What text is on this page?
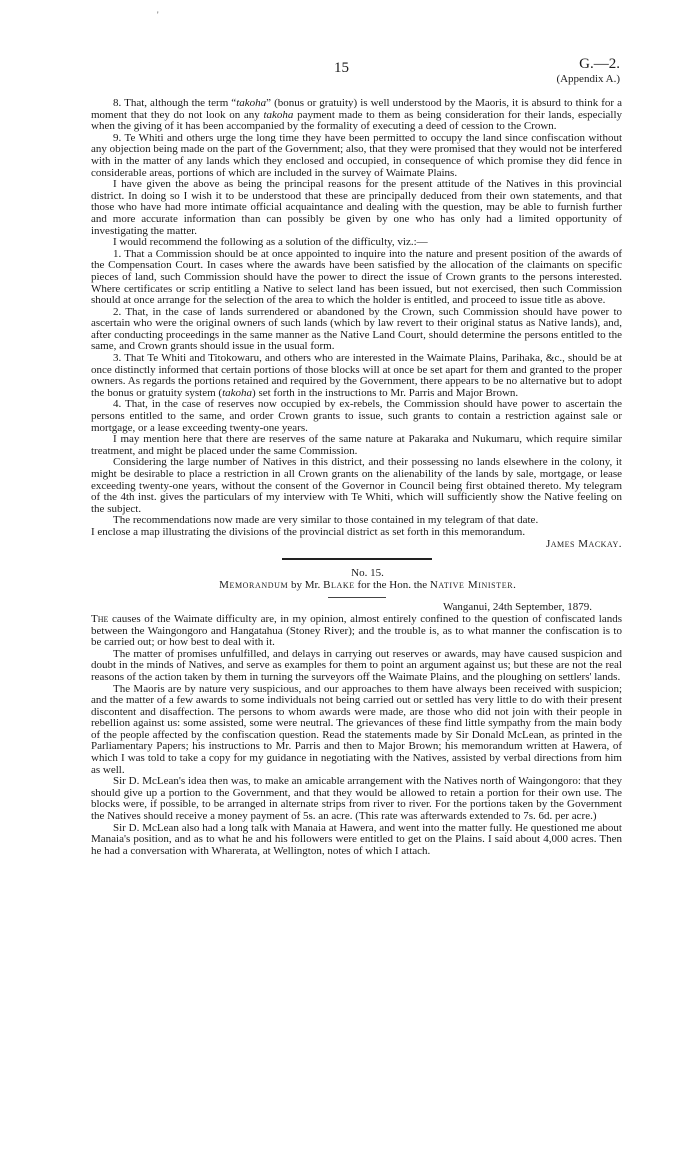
'
15	G.—2.
(Appendix A.)

8. That, although the term “takoha” (bonus or gratuity) is well understood by the Maoris, it is absurd to think for a moment that they do not look on any takoha payment made to them as being consideration for their lands, especially when the giving of it has been accompanied by the formality of executing a deed of cession to the Crown.

9. Te Whiti and others urge the long time they have been permitted to occupy the land since confiscation without any objection being made on the part of the Government; also, that they were promised that they would not be interfered with in the matter of any lands which they enclosed and occupied, in consequence of which promise they did fence in considerable areas, portions of which are included in the survey of Waimate Plains.

I have given the above as being the principal reasons for the present attitude of the Natives in this provincial district. In doing so I wish it to be understood that these are principally deduced from their own statements, and that those who have had more intimate official acquaintance and dealing with the question, may be able to furnish further and more accurate information than can possibly be given by one who has only had a limited opportunity of investigating the matter.

I would recommend the following as a solution of the difficulty, viz.:—

1. That a Commission should be at once appointed to inquire into the nature and present position of the awards of the Compensation Court. In cases where the awards have been satisfied by the allocation of the claimants on specific pieces of land, such Commission should have the power to direct the issue of Crown grants to the persons interested. Where certificates or scrip entitling a Native to select land has been issued, but not exercised, then such Commission should at once arrange for the selection of the area to which the holder is entitled, and proceed to issue title as above.

2. That, in the case of lands surrendered or abandoned by the Crown, such Commission should have power to ascertain who were the original owners of such lands (which by law revert to their original status as Native lands), and, after conducting proceedings in the same manner as the Native Land Court, should determine the persons entitled to the same, and Crown grants should issue in the usual form.

3. That Te Whiti and Titokowaru, and others who are interested in the Waimate Plains, Parihaka, &c., should be at once distinctly informed that certain portions of those blocks will at once be set apart for them and granted to the proper owners. As regards the portions retained and required by the Government, there appears to be no alternative but to adopt the bonus or gratuity system (takoha) set forth in the instructions to Mr. Parris and Major Brown.

4. That, in the case of reserves now occupied by ex-rebels, the Commission should have power to ascertain the persons entitled to the same, and order Crown grants to issue, such grants to contain a restriction against sale or mortgage, or a lease exceeding twenty-one years.

I may mention here that there are reserves of the same nature at Pakaraka and Nukumaru, which require similar treatment, and might be placed under the same Commission.

Considering the large number of Natives in this district, and their possessing no lands elsewhere in the colony, it might be desirable to place a restriction in all Crown grants on the alienability of the lands by sale, mortgage, or lease exceeding twenty-one years, without the consent of the Governor in Council being first obtained thereto. My telegram of the 4th inst. gives the particulars of my interview with Te Whiti, which will sufficiently show the Native feeling on the subject.

The recommendations now made are very similar to those contained in my telegram of that date.

I enclose a map illustrating the divisions of the provincial district as set forth in this memorandum.

James Mackay.

No. 15.

Memorandum by Mr. Blake for the Hon. the Native Minister.

Wanganui, 24th September, 1879.

The causes of the Waimate difficulty are, in my opinion, almost entirely confined to the question of confiscated lands between the Waingongoro and Hangatahua (Stoney River); and the trouble is, as to what manner the confiscation is to be carried out; or how best to deal with it.

The matter of promises unfulfilled, and delays in carrying out reserves or awards, may have caused suspicion and doubt in the minds of Natives, and serve as examples for them to point an argument against us; but these are not the real reasons of the action taken by them in turning the surveyors off the Waimate Plains, and the ploughing on settlers' lands.

The Maoris are by nature very suspicious, and our approaches to them have always been received with suspicion; and the matter of a few awards to some individuals not being carried out or settled has very little to do with their present discontent and disaffection. The persons to whom awards were made, are those who did not join with their people in rebellion against us: some assisted, some were neutral. The grievances of these find little sympathy from the main body of the people affected by the confiscation question. Read the statements made by Sir Donald McLean, as printed in the Parliamentary Papers; his instructions to Mr. Parris and then to Major Brown; his memorandum written at Hawera, of which I was told to take a copy for my guidance in negotiating with the Natives, assisted by verbal directions from him as well.

Sir D. McLean's idea then was, to make an amicable arrangement with the Natives north of Waingongoro: that they should give up a portion to the Government, and that they would be allowed to retain a portion for their own use. The blocks were, if possible, to be arranged in alternate strips from river to river. For the portions taken by the Government the Natives should receive a money payment of 5s. an acre. (This rate was afterwards extended to 7s. 6d. per acre.)

Sir D. McLean also had a long talk with Manaia at Hawera, and went into the matter fully. He questioned me about Manaia's position, and as to what he and his followers were entitled to get on the Plains. I said about 4,000 acres. Then he had a conversation with Wharerata, at Wellington, notes of which I attach.
